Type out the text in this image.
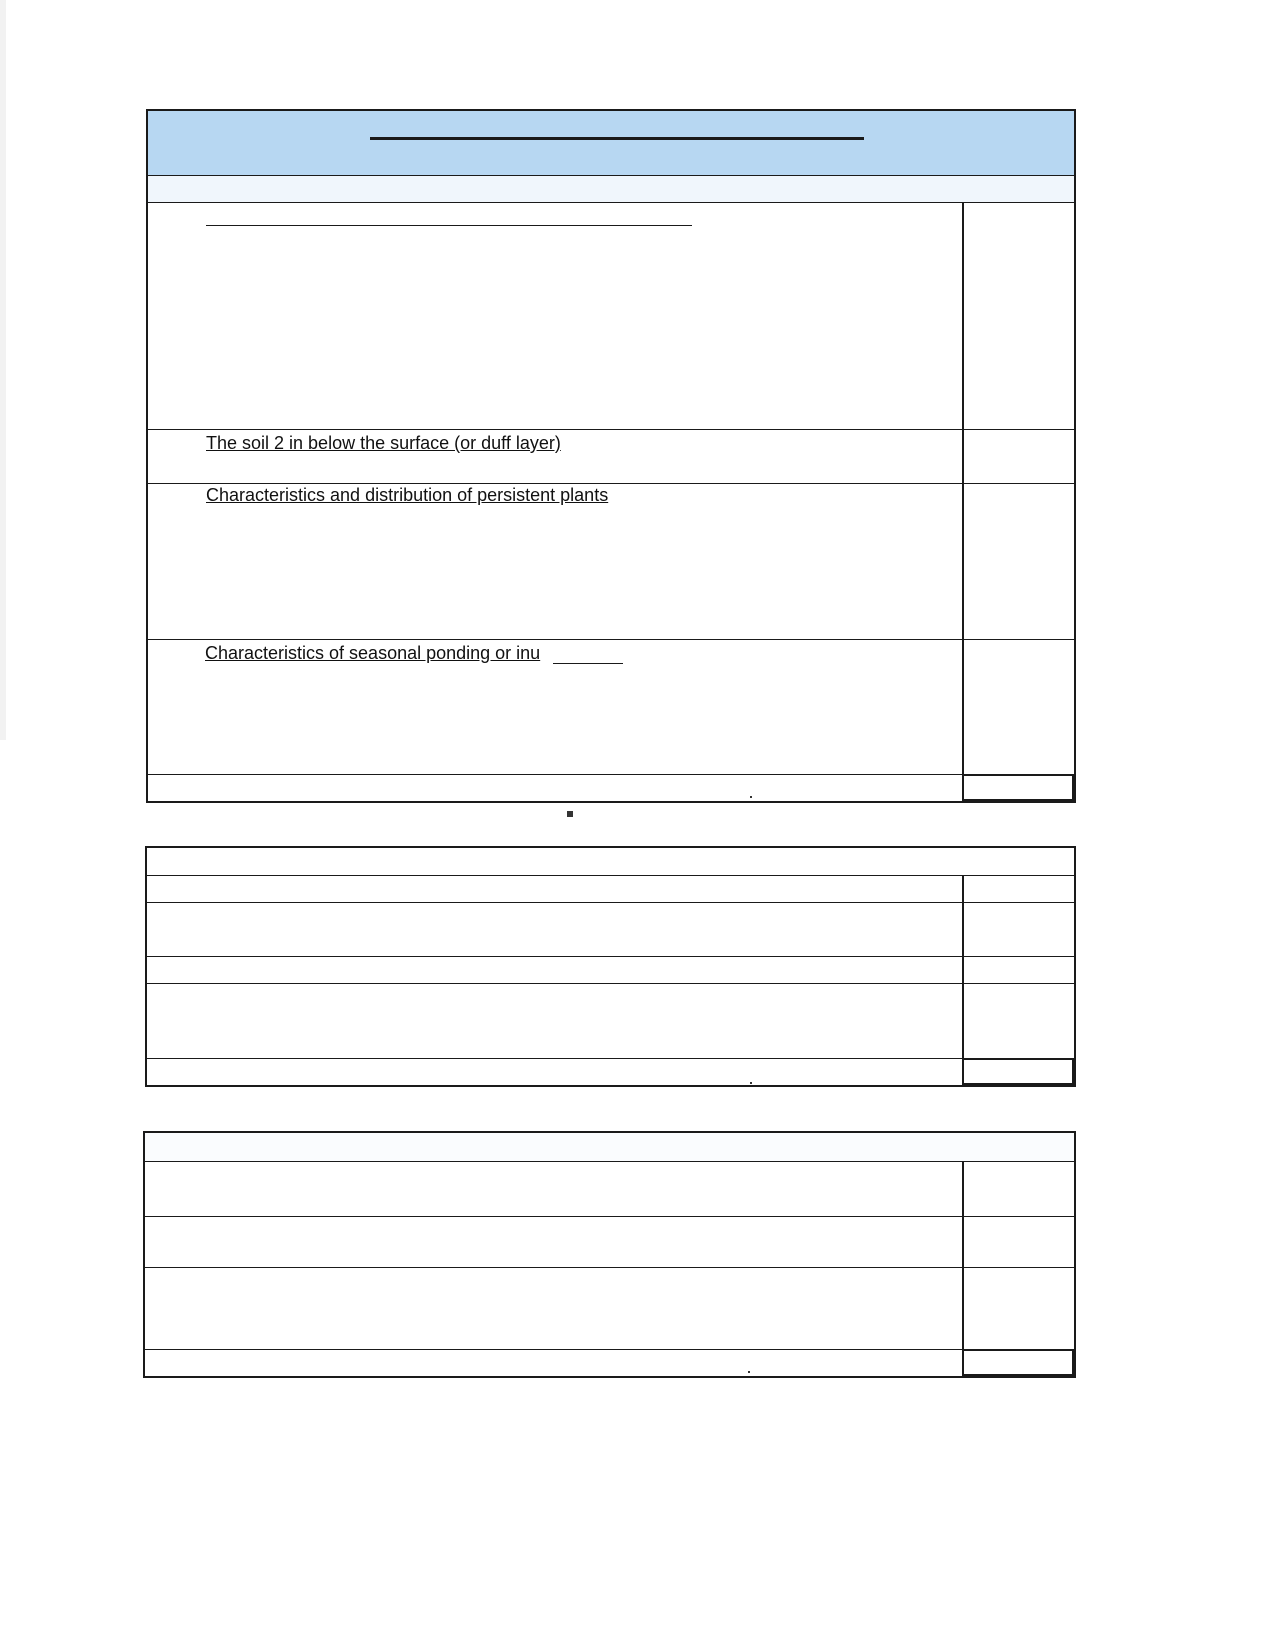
The soil 2 in below the surface (or duff layer)
Characteristics and distribution of persistent plants
Characteristics of seasonal ponding or inu
